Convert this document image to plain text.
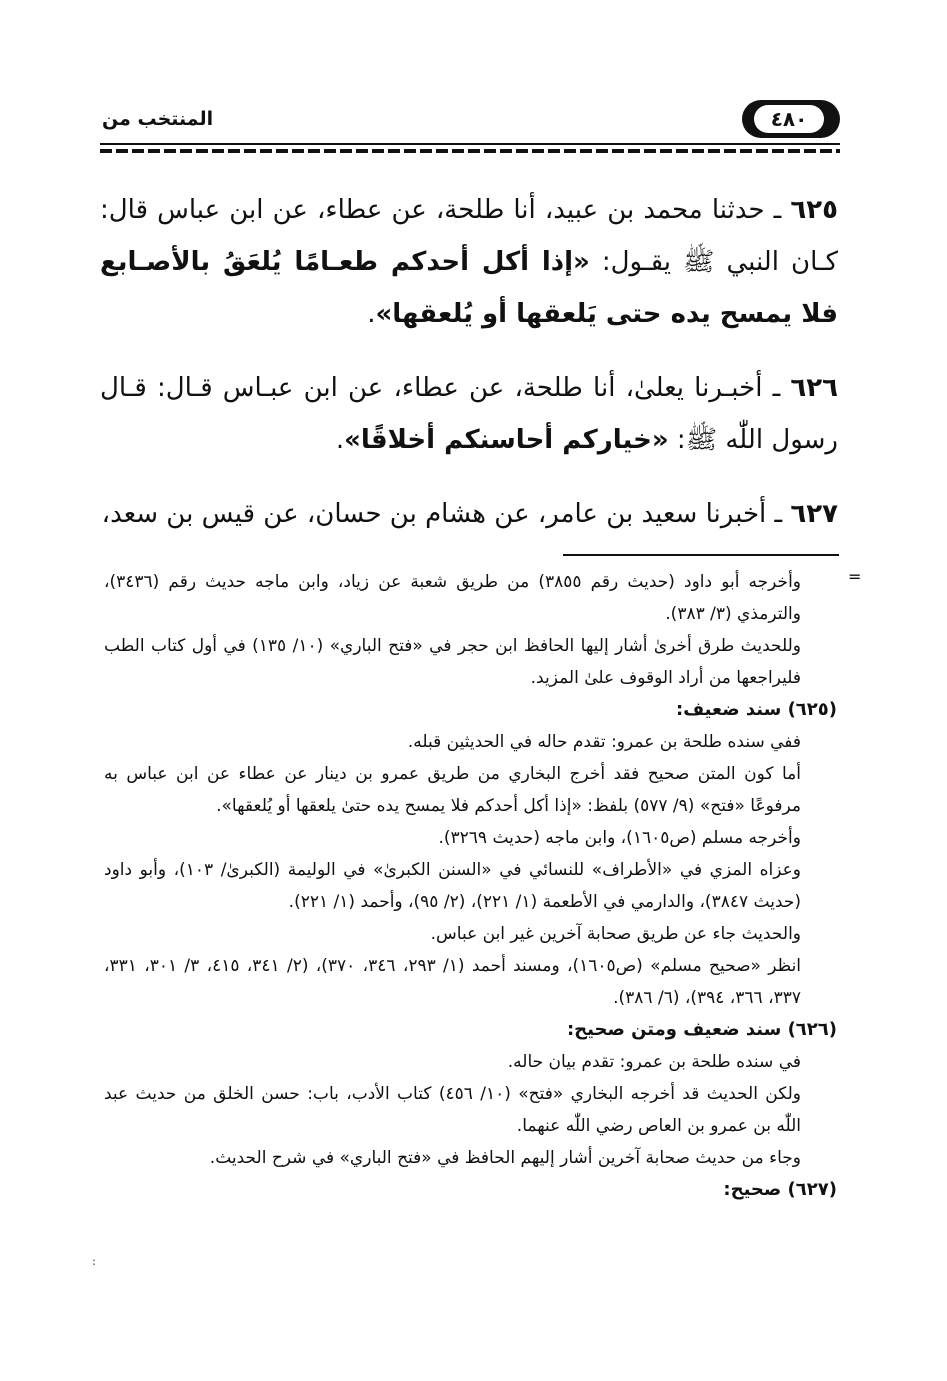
٤٨٠
المنتخب من

٦٢٥ ـ حدثنا محمد بن عبيد، أنا طلحة، عن عطاء، عن ابن عباس قال: كـان النبي ﷺ يقـول: «إذا أكل أحدكم طعـامًا يُلعَقُ بالأصـابع فلا يمسح يده حتى يَلعقها أو يُلعقها».

٦٢٦ ـ أخبـرنا يعلىٰ، أنا طلحة، عن عطاء، عن ابن عبـاس قـال: قـال رسول اللّٰه ﷺ: «خياركم أحاسنكم أخلاقًا».

٦٢٧ ـ أخبرنا سعيد بن عامر، عن هشام بن حسان، عن قيس بن سعد،

=

وأخرجه أبو داود (حديث رقم ٣٨٥٥) من طريق شعبة عن زياد، وابن ماجه حديث رقم (٣٤٣٦)، والترمذي (٣/ ٣٨٣).

وللحديث طرق أخرىٰ أشار إليها الحافظ ابن حجر في «فتح الباري» (١٠/ ١٣٥) في أول كتاب الطب فليراجعها من أراد الوقوف علىٰ المزيد.

(٦٢٥) سند ضعيف:

ففي سنده طلحة بن عمرو: تقدم حاله في الحديثين قبله.

أما كون المتن صحيح فقد أخرج البخاري من طريق عمرو بن دينار عن عطاء عن ابن عباس به مرفوعًا «فتح» (٩/ ٥٧٧) بلفظ: «إذا أكل أحدكم فلا يمسح يده حتىٰ يلعقها أو يُلعقها».

وأخرجه مسلم (ص١٦٠٥)، وابن ماجه (حديث ٣٢٦٩).

وعزاه المزي في «الأطراف» للنسائي في «السنن الكبرىٰ» في الوليمة (الكبرىٰ/ ١٠٣)، وأبو داود (حديث ٣٨٤٧)، والدارمي في الأطعمة (١/ ٢٢١)، (٢/ ٩٥)، وأحمد (١/ ٢٢١).

والحديث جاء عن طريق صحابة آخرين غير ابن عباس.

انظر «صحيح مسلم» (ص١٦٠٥)، ومسند أحمد (١/ ٢٩٣، ٣٤٦، ٣٧٠)، (٢/ ٣٤١، ٤١٥، ٣/ ٣٠١، ٣٣١، ٣٣٧، ٣٦٦، ٣٩٤)، (٦/ ٣٨٦).

(٦٢٦) سند ضعيف ومتن صحيح:

في سنده طلحة بن عمرو: تقدم بيان حاله.

ولكن الحديث قد أخرجه البخاري «فتح» (١٠/ ٤٥٦) كتاب الأدب، باب: حسن الخلق من حديث عبد اللّٰه بن عمرو بن العاص رضي اللّٰه عنهما.

وجاء من حديث صحابة آخرين أشار إليهم الحافظ في «فتح الباري» في شرح الحديث.

(٦٢٧) صحيح:

:
